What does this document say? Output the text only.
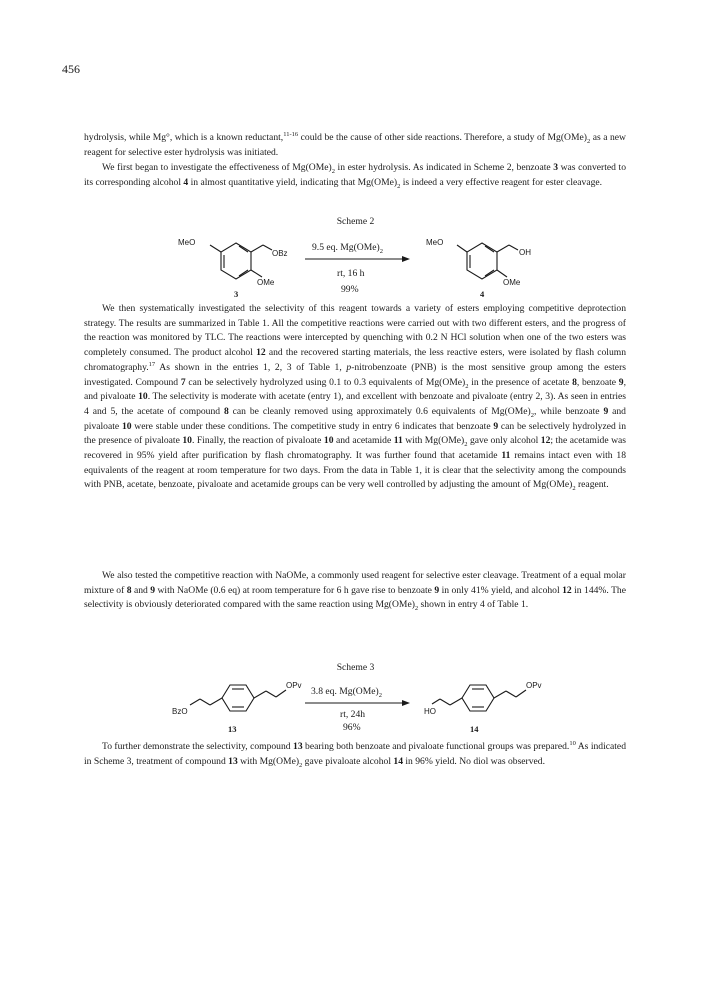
456

hydrolysis, while Mg°, which is a known reductant,$^{11-16}$ could be the cause of other side reactions. Therefore, a study of $Mg(OMe)_2$ as a new reagent for selective ester hydrolysis was initiated.

We first began to investigate the effectiveness of $Mg(OMe)_2$ in ester hydrolysis. As indicated in Scheme 2, benzoate 3 was converted to its corresponding alcohol 4 in almost quantitative yield, indicating that $Mg(OMe)_2$ is indeed a very effective reagent for ester cleavage.

Scheme 2
MeO
OBz
OMe
3
9.5 eq. $Mg(OMe)_2$
rt, 16 h
99%
MeO
OH
OMe
4

We then systematically investigated the selectivity of this reagent towards a variety of esters employing competitive deprotection strategy. The results are summarized in Table 1. All the competitive reactions were carried out with two different esters, and the progress of the reaction was monitored by TLC. The reactions were intercepted by quenching with 0.2 N HCl solution when one of the two esters was completely consumed. The product alcohol 12 and the recovered starting materials, the less reactive esters, were isolated by flash column chromatography.$^{17}$ As shown in the entries 1, 2, 3 of Table 1, p-nitrobenzoate (PNB) is the most sensitive group among the esters investigated. Compound 7 can be selectively hydrolyzed using 0.1 to 0.3 equivalents of $Mg(OMe)_2$ in the presence of acetate 8, benzoate 9, and pivaloate 10. The selectivity is moderate with acetate (entry 1), and excellent with benzoate and pivaloate (entry 2, 3). As seen in entries 4 and 5, the acetate of compound 8 can be cleanly removed using approximately 0.6 equivalents of $Mg(OMe)_2$, while benzoate 9 and pivaloate 10 were stable under these conditions. The competitive study in entry 6 indicates that benzoate 9 can be selectively hydrolyzed in the presence of pivaloate 10. Finally, the reaction of pivaloate 10 and acetamide 11 with $Mg(OMe)_2$ gave only alcohol 12; the acetamide was recovered in 95% yield after purification by flash chromatography. It was further found that acetamide 11 remains intact even with 18 equivalents of the reagent at room temperature for two days. From the data in Table 1, it is clear that the selectivity among the compounds with PNB, acetate, benzoate, pivaloate and acetamide groups can be very well controlled by adjusting the amount of $Mg(OMe)_2$ reagent.

We also tested the competitive reaction with NaOMe, a commonly used reagent for selective ester cleavage. Treatment of a equal molar mixture of 8 and 9 with NaOMe (0.6 eq) at room temperature for 6 h gave rise to benzoate 9 in only 41% yield, and alcohol 12 in 144%. The selectivity is obviously deteriorated compared with the same reaction using $Mg(OMe)_2$ shown in entry 4 of Table 1.

Scheme 3
BzO
OPv
13
3.8 eq. $Mg(OMe)_2$
rt, 24h
96%
HO
OPv
14

To further demonstrate the selectivity, compound 13 bearing both benzoate and pivaloate functional groups was prepared.$^{10}$ As indicated in Scheme 3, treatment of compound 13 with $Mg(OMe)_2$ gave pivaloate alcohol 14 in 96% yield. No diol was observed.
